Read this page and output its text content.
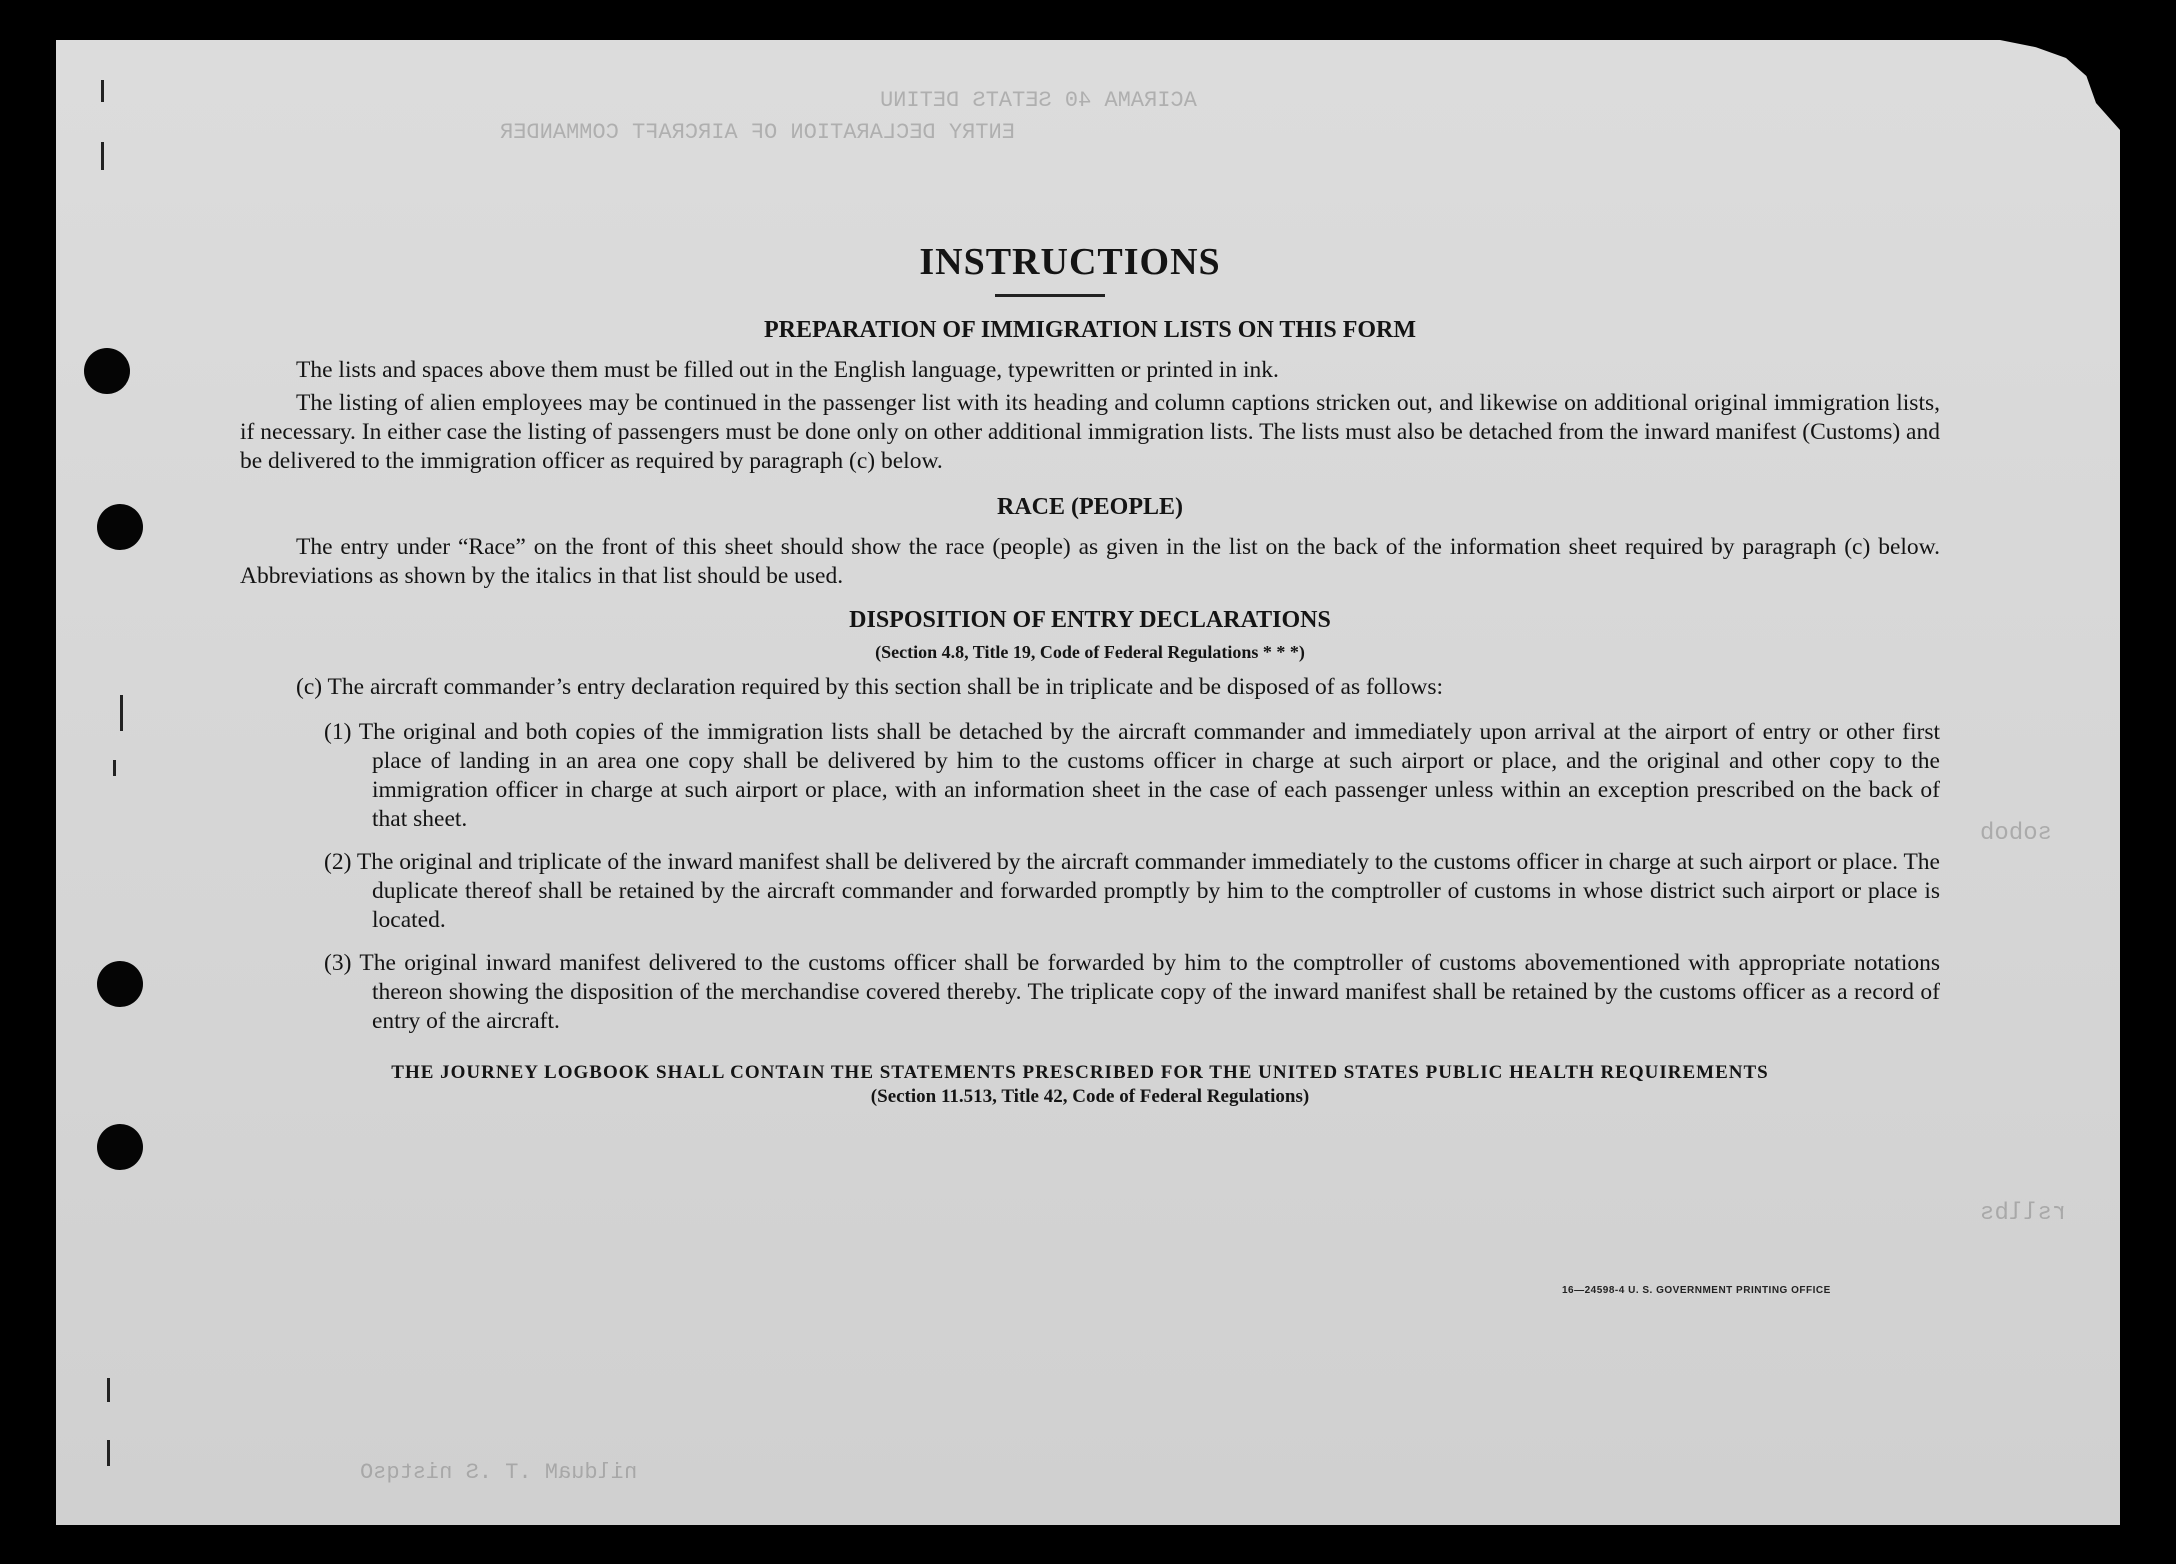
ACIRAMA 40 SETATS DETINU
ENTRY DECLARATION OF AIRCRAFT COMMANDER
sobob
rsllbs
nilduaM .T .S nistqsO
INSTRUCTIONS
PREPARATION OF IMMIGRATION LISTS ON THIS FORM

The lists and spaces above them must be filled out in the English language, typewritten or printed in ink.

The listing of alien employees may be continued in the passenger list with its heading and column captions stricken out, and likewise on additional original immigration lists, if necessary. In either case the listing of passengers must be done only on other additional immigration lists. The lists must also be detached from the inward manifest (Customs) and be delivered to the immigration officer as required by paragraph (c) below.

RACE (PEOPLE)

The entry under “Race” on the front of this sheet should show the race (people) as given in the list on the back of the information sheet required by paragraph (c) below. Abbreviations as shown by the italics in that list should be used.

DISPOSITION OF ENTRY DECLARATIONS
(Section 4.8, Title 19, Code of Federal Regulations * * *)

(c) The aircraft commander’s entry declaration required by this section shall be in triplicate and be disposed of as follows:

(1) The original and both copies of the immigration lists shall be detached by the aircraft commander and immediately upon arrival at the airport of entry or other first place of landing in an area one copy shall be delivered by him to the customs officer in charge at such airport or place, and the original and other copy to the immigration officer in charge at such airport or place, with an information sheet in the case of each passenger unless within an exception prescribed on the back of that sheet.

(2) The original and triplicate of the inward manifest shall be delivered by the aircraft commander immediately to the customs officer in charge at such airport or place. The duplicate thereof shall be retained by the aircraft commander and forwarded promptly by him to the comptroller of customs in whose district such airport or place is located.

(3) The original inward manifest delivered to the customs officer shall be forwarded by him to the comptroller of customs abovementioned with appropriate notations thereon showing the disposition of the merchandise covered thereby. The triplicate copy of the inward manifest shall be retained by the customs officer as a record of entry of the aircraft.

THE JOURNEY LOGBOOK SHALL CONTAIN THE STATEMENTS PRESCRIBED FOR THE UNITED STATES PUBLIC HEALTH REQUIREMENTS
(Section 11.513, Title 42, Code of Federal Regulations)
16—24598-4 U. S. GOVERNMENT PRINTING OFFICE
